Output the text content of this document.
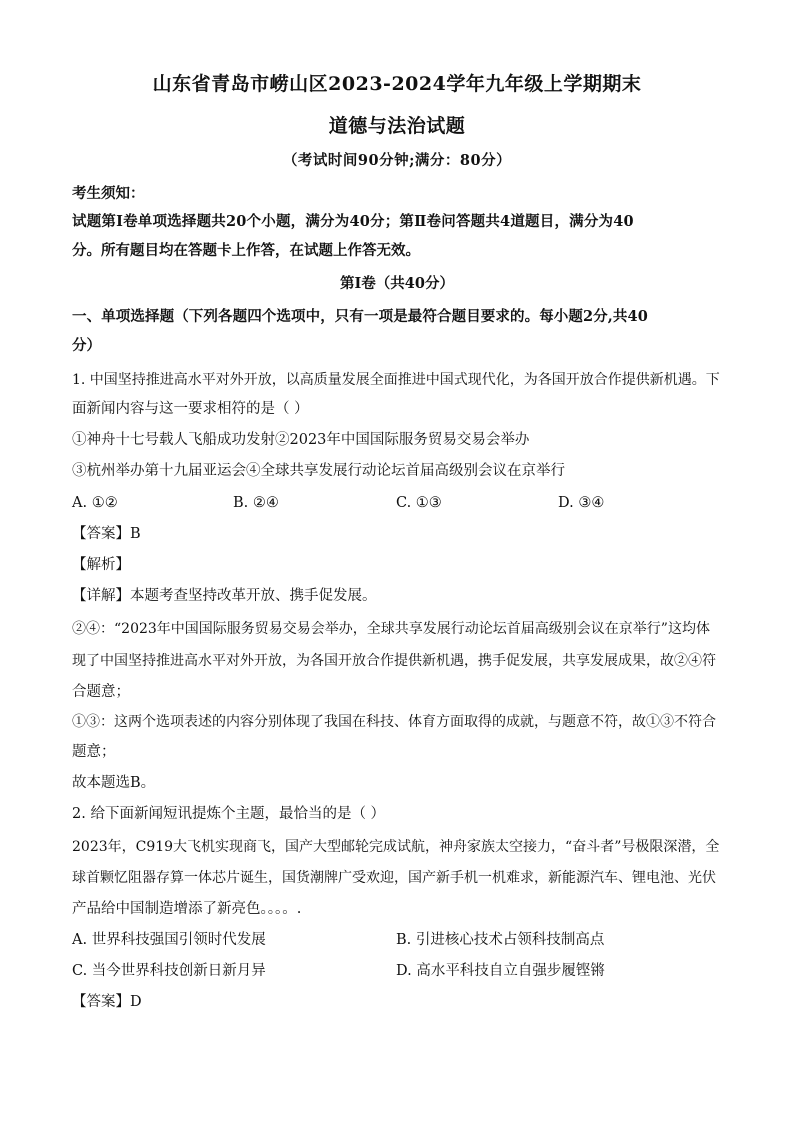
山东省青岛市崂山区2023-2024学年九年级上学期期末
道德与法治试题
（考试时间90分钟;满分：80分）
考生须知：
试题第Ⅰ卷单项选择题共20个小题，满分为40分；第Ⅱ卷问答题共4道题目，满分为40
分。所有题目均在答题卡上作答，在试题上作答无效。
第Ⅰ卷（共40分）
一、单项选择题（下列各题四个选项中，只有一项是最符合题目要求的。每小题2分,共40
分）
1. 中国坚持推进高水平对外开放，以高质量发展全面推进中国式现代化，为各国开放合作提供新机遇。下
面新闻内容与这一要求相符的是（ ）
①神舟十七号载人飞船成功发射②2023年中国国际服务贸易交易会举办
③杭州举办第十九届亚运会④全球共享发展行动论坛首届高级别会议在京举行
A. ①②	B. ②④	C. ①③	D. ③④
【答案】B
【解析】
【详解】本题考查坚持改革开放、携手促发展。
②④：“2023年中国国际服务贸易交易会举办，全球共享发展行动论坛首届高级别会议在京举行”这均体
现了中国坚持推进高水平对外开放，为各国开放合作提供新机遇，携手促发展，共享发展成果，故②④符
合题意；
①③：这两个选项表述的内容分别体现了我国在科技、体育方面取得的成就，与题意不符，故①③不符合
题意；
故本题选B。
2. 给下面新闻短讯提炼个主题，最恰当的是（ ）
2023年，C919大飞机实现商飞，国产大型邮轮完成试航，神舟家族太空接力，“奋斗者”号极限深潜，全
球首颗忆阻器存算一体芯片诞生，国货潮牌广受欢迎，国产新手机一机难求，新能源汽车、锂电池、光伏
产品给中国制造增添了新亮色。。。。.
A. 世界科技强国引领时代发展	B. 引进核心技术占领科技制高点
C. 当今世界科技创新日新月异	D. 高水平科技自立自强步履铿锵
【答案】D
